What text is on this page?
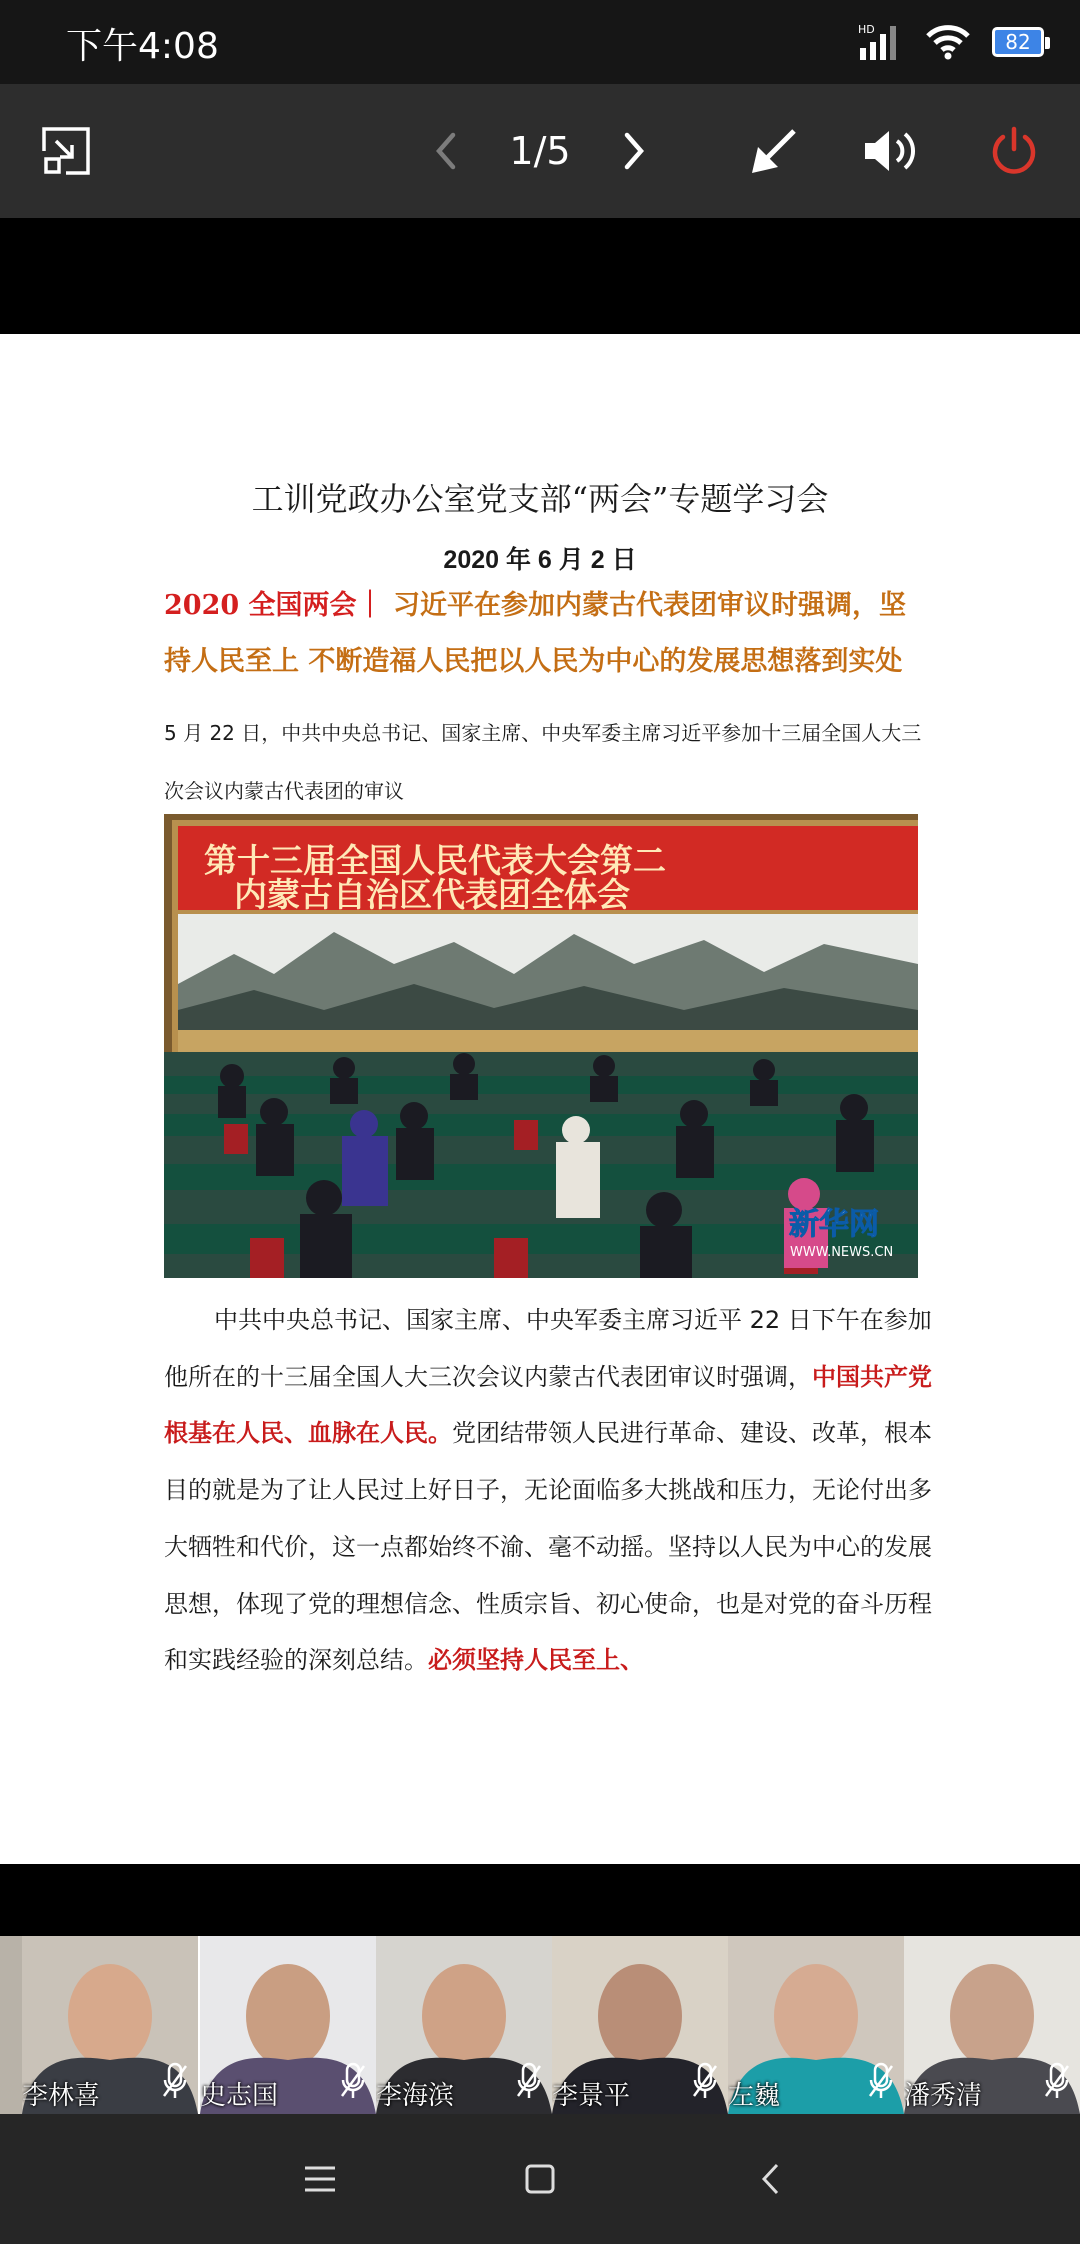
下午4:08	HD
82
1 / 5
工训党政办公室党支部“两会”专题学习会
2020 年 6 月 2 日
2020 全国两会｜ 习近平在参加内蒙古代表团审议时强调，坚持人民至上 不断造福人民把以人民为中心的发展思想落到实处
5 月 22 日，中共中央总书记、国家主席、中央军委主席习近平参加十三届全国人大三次会议内蒙古代表团的审议
第十三届全国人民代表大会第二
内蒙古自治区代表团全体会
新华网
WWW.NEWS.CN
中共中央总书记、国家主席、中央军委主席习近平 22 日下午在参加他所在的十三届全国人大三次会议内蒙古代表团审议时强调，中国共产党根基在人民、血脉在人民。党团结带领人民进行革命、建设、改革，根本目的就是为了让人民过上好日子，无论面临多大挑战和压力，无论付出多大牺牲和代价，这一点都始终不渝、毫不动摇。坚持以人民为中心的发展思想，体现了党的理想信念、性质宗旨、初心使命，也是对党的奋斗历程和实践经验的深刻总结。必须坚持人民至上、
李林喜	史志国	李海滨	李景平	左巍	潘秀清
